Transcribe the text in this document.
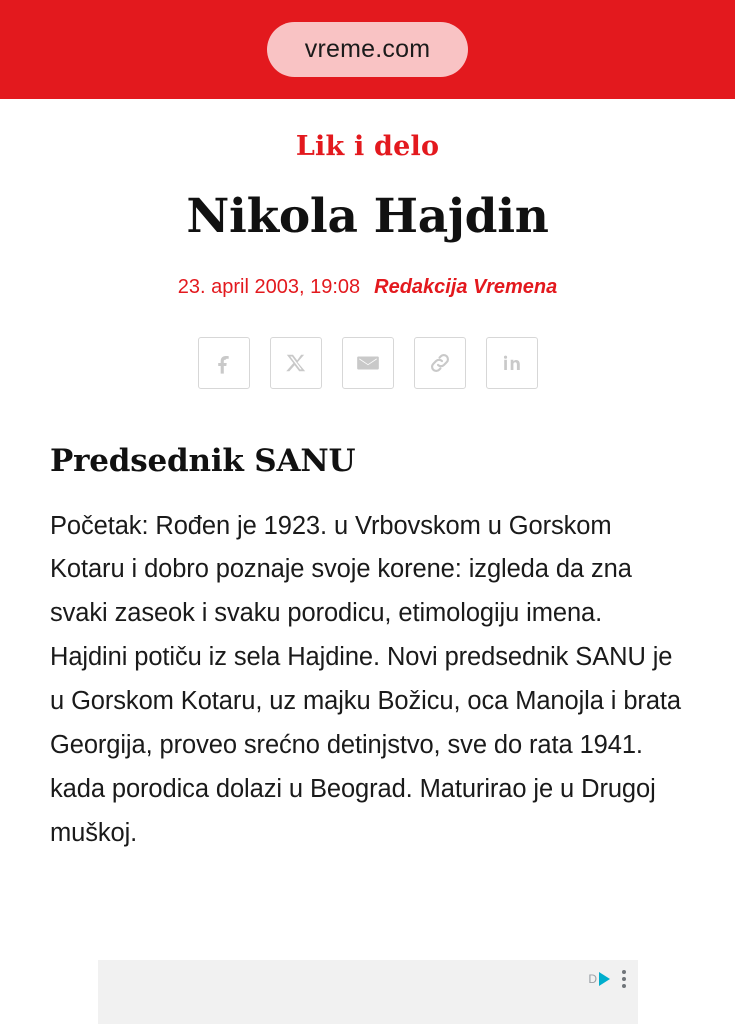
vreme.com
Lik i delo
Nikola Hajdin
23. april 2003, 19:08 Redakcija Vremena
Predsednik SANU

Početak: Rođen je 1923. u Vrbovskom u Gorskom Kotaru i dobro poznaje svoje korene: izgleda da zna svaki zaseok i svaku porodicu, etimologiju imena. Hajdini potiču iz sela Hajdine. Novi predsednik SANU je u Gorskom Kotaru, uz majku Božicu, oca Manojla i brata Georgija, proveo srećno detinjstvo, sve do rata 1941. kada porodica dolazi u Beograd. Maturirao je u Drugoj muškoj.

D
